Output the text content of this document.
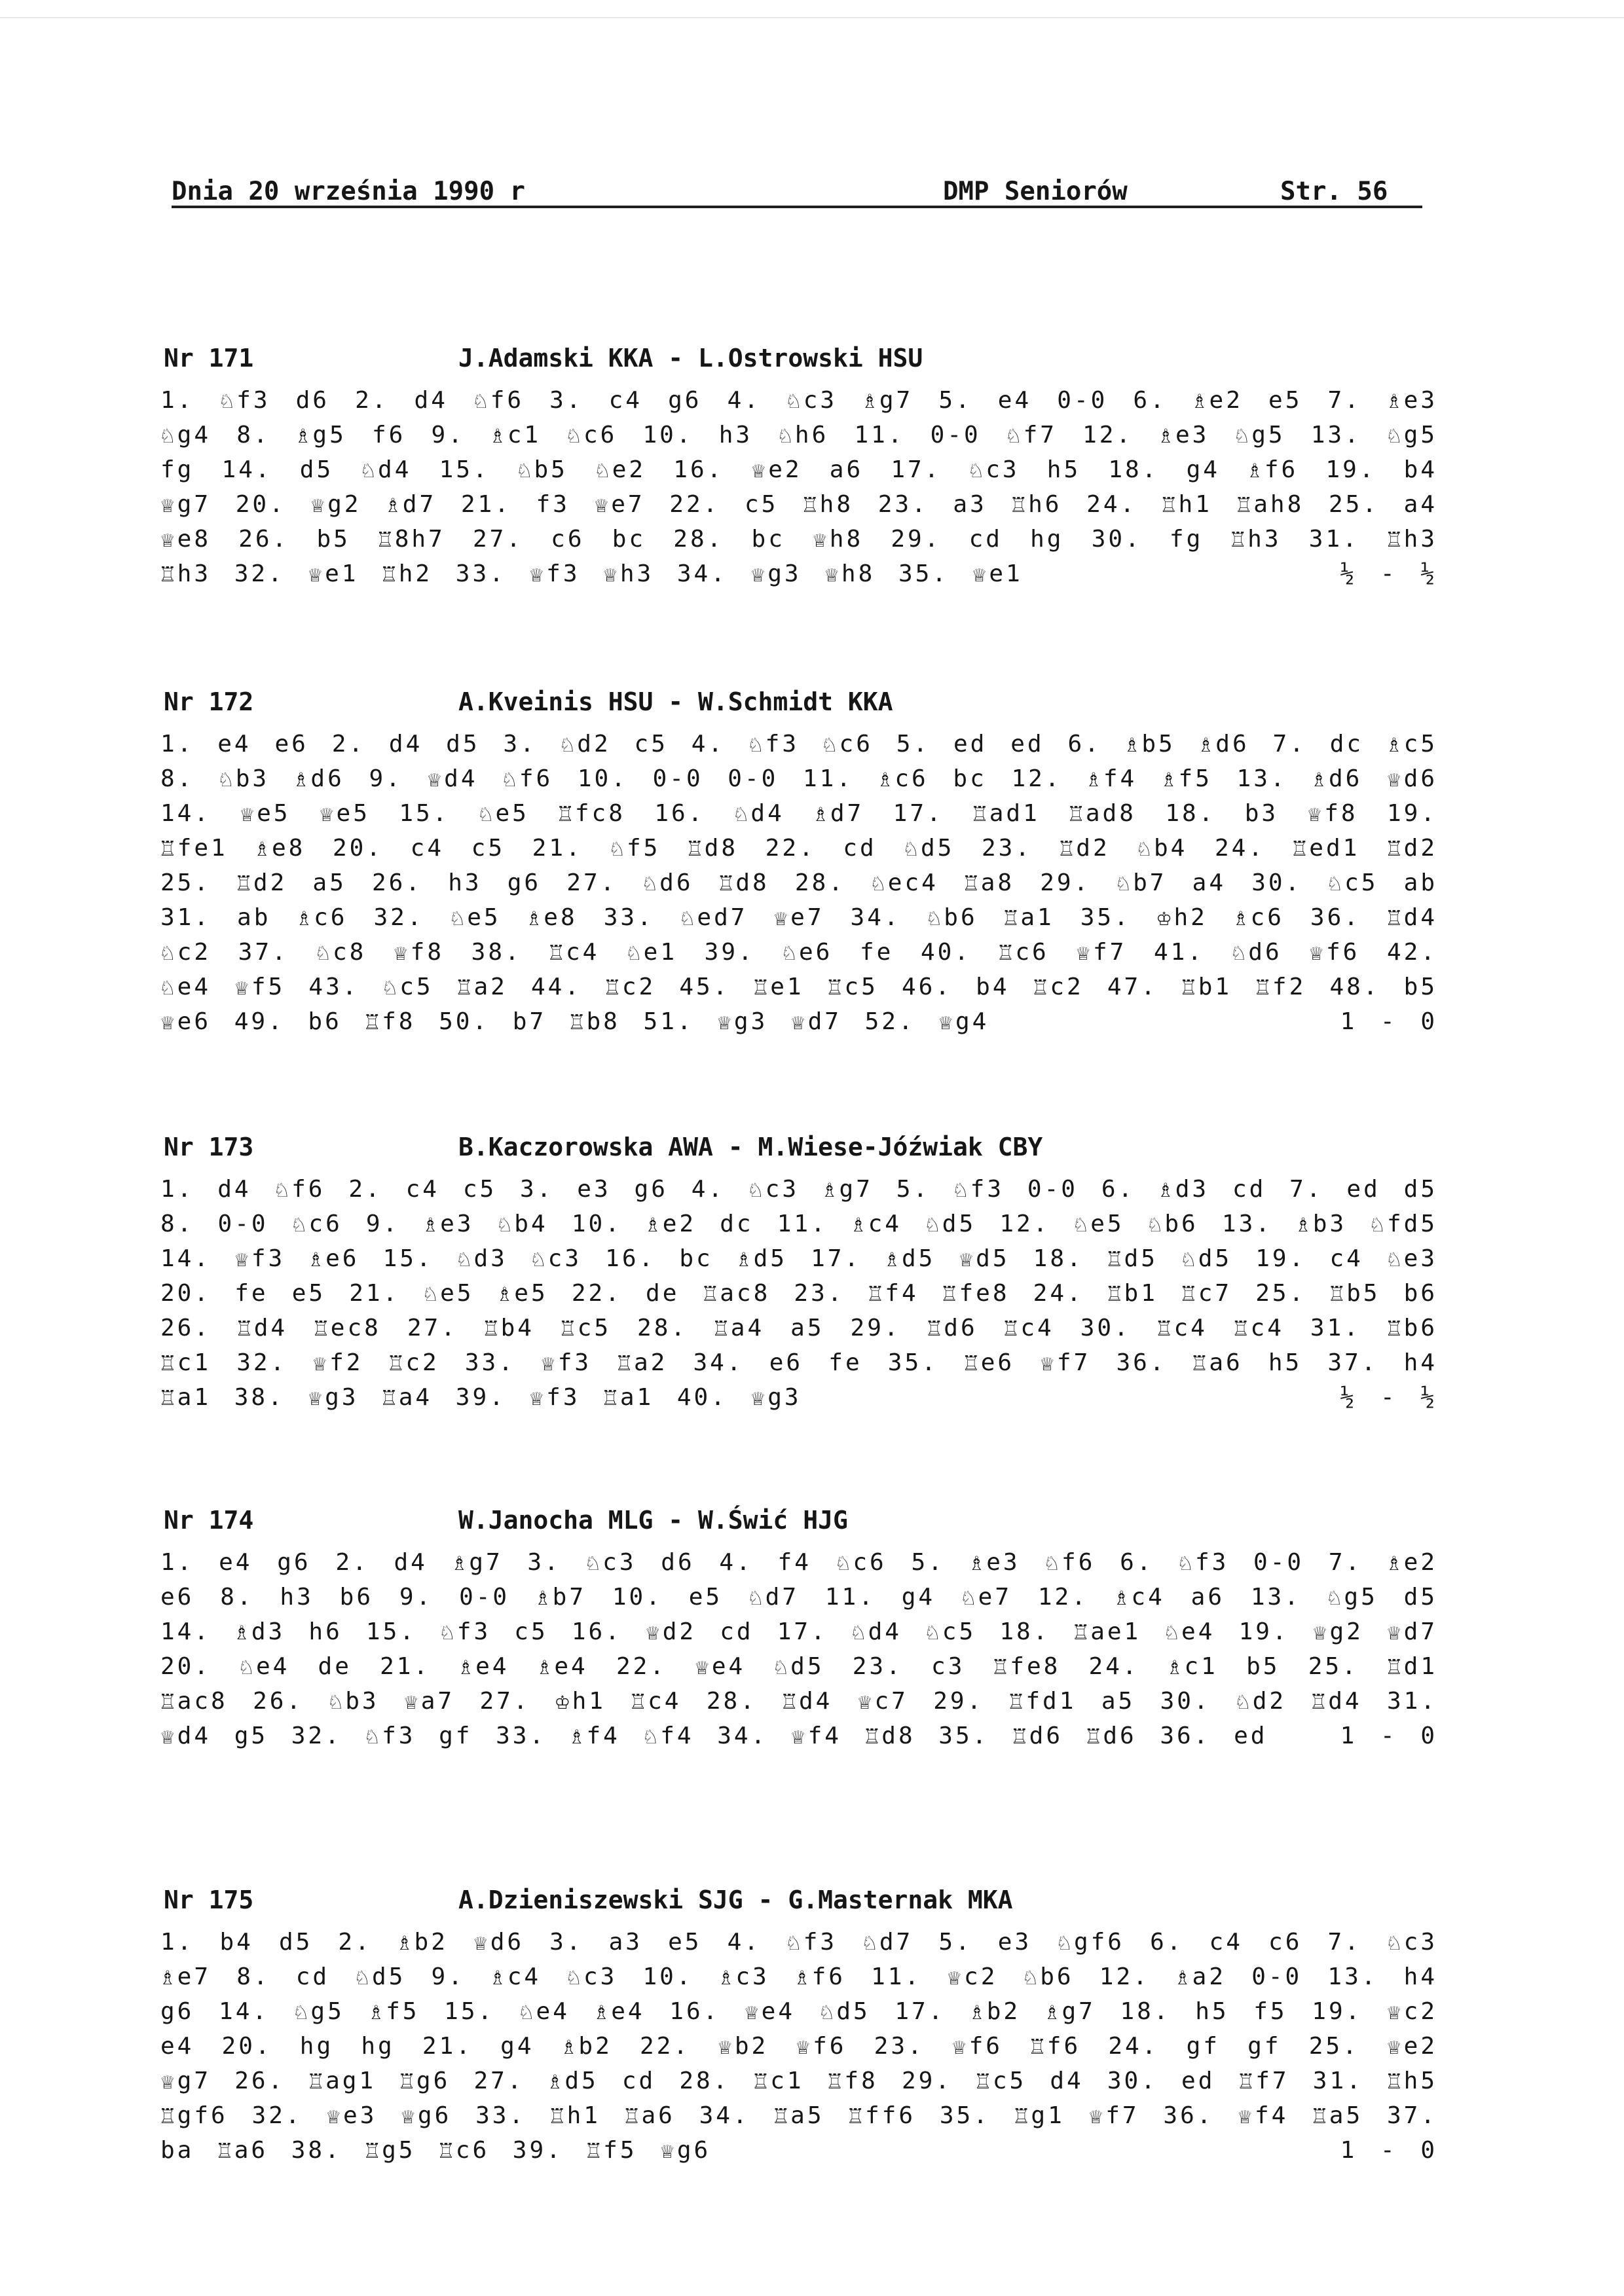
Dnia 20 września 1990 r	DMP Seniorów	Str. 56
Nr 171	J.Adamski KKA - L.Ostrowski HSU

1. ♘f3 d6 2. d4 ♘f6 3. c4 g6 4. ♘c3 ♗g7 5. e4 0-0 6. ♗e2 e5 7. ♗e3 ♘g4 8. ♗g5 f6 9. ♗c1 ♘c6 10. h3 ♘h6 11. 0-0 ♘f7 12. ♗e3 ♘g5 13. ♘g5 fg 14. d5 ♘d4 15. ♘b5 ♘e2 16. ♕e2 a6 17. ♘c3 h5 18. g4 ♗f6 19. b4 ♕g7 20. ♕g2 ♗d7 21. f3 ♕e7 22. c5 ♖h8 23. a3 ♖h6 24. ♖h1 ♖ah8 25. a4 ♕e8 26. b5 ♖8h7 27. c6 bc 28. bc ♕h8 29. cd hg 30. fg ♖h3 31. ♖h3 ♖h3 32. ♕e1 ♖h2 33. ♕f3 ♕h3 34. ♕g3 ♕h8 35. ♕e1	½ - ½

Nr 172	A.Kveinis HSU - W.Schmidt KKA

1. e4 e6 2. d4 d5 3. ♘d2 c5 4. ♘f3 ♘c6 5. ed ed 6. ♗b5 ♗d6 7. dc ♗c5 8. ♘b3 ♗d6 9. ♕d4 ♘f6 10. 0-0 0-0 11. ♗c6 bc 12. ♗f4 ♗f5 13. ♗d6 ♕d6 14. ♕e5 ♕e5 15. ♘e5 ♖fc8 16. ♘d4 ♗d7 17. ♖ad1 ♖ad8 18. b3 ♕f8 19. ♖fe1 ♗e8 20. c4 c5 21. ♘f5 ♖d8 22. cd ♘d5 23. ♖d2 ♘b4 24. ♖ed1 ♖d2 25. ♖d2 a5 26. h3 g6 27. ♘d6 ♖d8 28. ♘ec4 ♖a8 29. ♘b7 a4 30. ♘c5 ab 31. ab ♗c6 32. ♘e5 ♗e8 33. ♘ed7 ♕e7 34. ♘b6 ♖a1 35. ♔h2 ♗c6 36. ♖d4 ♘c2 37. ♘c8 ♕f8 38. ♖c4 ♘e1 39. ♘e6 fe 40. ♖c6 ♕f7 41. ♘d6 ♕f6 42. ♘e4 ♕f5 43. ♘c5 ♖a2 44. ♖c2 45. ♖e1 ♖c5 46. b4 ♖c2 47. ♖b1 ♖f2 48. b5 ♕e6 49. b6 ♖f8 50. b7 ♖b8 51. ♕g3 ♕d7 52. ♕g4	1 - 0

Nr 173	B.Kaczorowska AWA - M.Wiese-Jóźwiak CBY

1. d4 ♘f6 2. c4 c5 3. e3 g6 4. ♘c3 ♗g7 5. ♘f3 0-0 6. ♗d3 cd 7. ed d5 8. 0-0 ♘c6 9. ♗e3 ♘b4 10. ♗e2 dc 11. ♗c4 ♘d5 12. ♘e5 ♘b6 13. ♗b3 ♘fd5 14. ♕f3 ♗e6 15. ♘d3 ♘c3 16. bc ♗d5 17. ♗d5 ♕d5 18. ♖d5 ♘d5 19. c4 ♘e3 20. fe e5 21. ♘e5 ♗e5 22. de ♖ac8 23. ♖f4 ♖fe8 24. ♖b1 ♖c7 25. ♖b5 b6 26. ♖d4 ♖ec8 27. ♖b4 ♖c5 28. ♖a4 a5 29. ♖d6 ♖c4 30. ♖c4 ♖c4 31. ♖b6 ♖c1 32. ♕f2 ♖c2 33. ♕f3 ♖a2 34. e6 fe 35. ♖e6 ♕f7 36. ♖a6 h5 37. h4 ♖a1 38. ♕g3 ♖a4 39. ♕f3 ♖a1 40. ♕g3	½ - ½

Nr 174	W.Janocha MLG - W.Świć HJG

1. e4 g6 2. d4 ♗g7 3. ♘c3 d6 4. f4 ♘c6 5. ♗e3 ♘f6 6. ♘f3 0-0 7. ♗e2 e6 8. h3 b6 9. 0-0 ♗b7 10. e5 ♘d7 11. g4 ♘e7 12. ♗c4 a6 13. ♘g5 d5 14. ♗d3 h6 15. ♘f3 c5 16. ♕d2 cd 17. ♘d4 ♘c5 18. ♖ae1 ♘e4 19. ♕g2 ♕d7 20. ♘e4 de 21. ♗e4 ♗e4 22. ♕e4 ♘d5 23. c3 ♖fe8 24. ♗c1 b5 25. ♖d1 ♖ac8 26. ♘b3 ♕a7 27. ♔h1 ♖c4 28. ♖d4 ♕c7 29. ♖fd1 a5 30. ♘d2 ♖d4 31. ♕d4 g5 32. ♘f3 gf 33. ♗f4 ♘f4 34. ♕f4 ♖d8 35. ♖d6 ♖d6 36. ed	1 - 0

Nr 175	A.Dzieniszewski SJG - G.Masternak MKA

1. b4 d5 2. ♗b2 ♕d6 3. a3 e5 4. ♘f3 ♘d7 5. e3 ♘gf6 6. c4 c6 7. ♘c3 ♗e7 8. cd ♘d5 9. ♗c4 ♘c3 10. ♗c3 ♗f6 11. ♕c2 ♘b6 12. ♗a2 0-0 13. h4 g6 14. ♘g5 ♗f5 15. ♘e4 ♗e4 16. ♕e4 ♘d5 17. ♗b2 ♗g7 18. h5 f5 19. ♕c2 e4 20. hg hg 21. g4 ♗b2 22. ♕b2 ♕f6 23. ♕f6 ♖f6 24. gf gf 25. ♕e2 ♕g7 26. ♖ag1 ♖g6 27. ♗d5 cd 28. ♖c1 ♖f8 29. ♖c5 d4 30. ed ♖f7 31. ♖h5 ♖gf6 32. ♕e3 ♕g6 33. ♖h1 ♖a6 34. ♖a5 ♖ff6 35. ♖g1 ♕f7 36. ♕f4 ♖a5 37. ba ♖a6 38. ♖g5 ♖c6 39. ♖f5 ♕g6	1 - 0
